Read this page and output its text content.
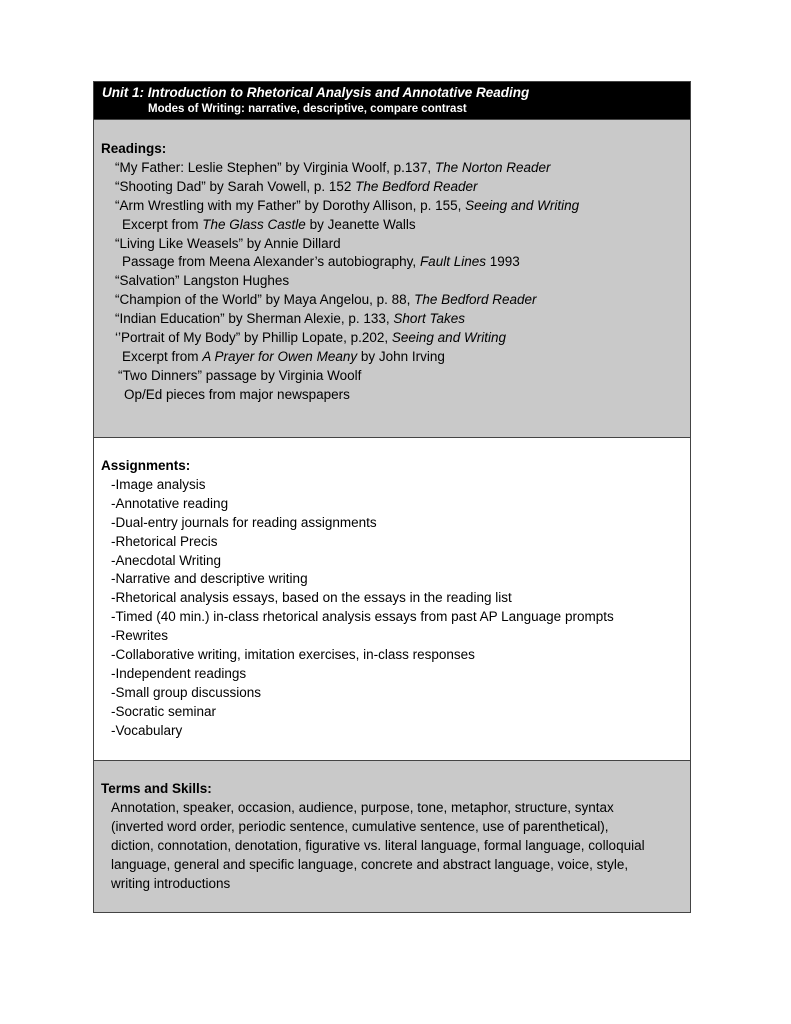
Unit 1: Introduction to Rhetorical Analysis and Annotative Reading
Modes of Writing: narrative, descriptive, compare contrast
Readings:
“My Father: Leslie Stephen” by Virginia Woolf, p.137, The Norton Reader
“Shooting Dad” by Sarah Vowell, p. 152 The Bedford Reader
“Arm Wrestling with my Father” by Dorothy Allison, p. 155, Seeing and Writing
Excerpt from The Glass Castle by Jeanette Walls
“Living Like Weasels” by Annie Dillard
Passage from Meena Alexander’s autobiography, Fault Lines 1993
“Salvation” Langston Hughes
“Champion of the World” by Maya Angelou, p. 88, The Bedford Reader
“Indian Education” by Sherman Alexie, p. 133, Short Takes
‘’Portrait of My Body” by Phillip Lopate, p.202, Seeing and Writing
Excerpt from A Prayer for Owen Meany by John Irving
“Two Dinners” passage by Virginia Woolf
Op/Ed pieces from major newspapers
Assignments:
-Image analysis
-Annotative reading
-Dual-entry journals for reading assignments
-Rhetorical Precis
-Anecdotal Writing
-Narrative and descriptive writing
-Rhetorical analysis essays, based on the essays in the reading list
-Timed (40 min.) in-class rhetorical analysis essays from past AP Language prompts
-Rewrites
-Collaborative writing, imitation exercises, in-class responses
-Independent readings
-Small group discussions
-Socratic seminar
-Vocabulary
Terms and Skills:
Annotation, speaker, occasion, audience, purpose, tone, metaphor, structure, syntax
(inverted word order, periodic sentence, cumulative sentence, use of parenthetical),
diction, connotation, denotation, figurative vs. literal language, formal language, colloquial
language, general and specific language, concrete and abstract language, voice, style,
writing introductions
